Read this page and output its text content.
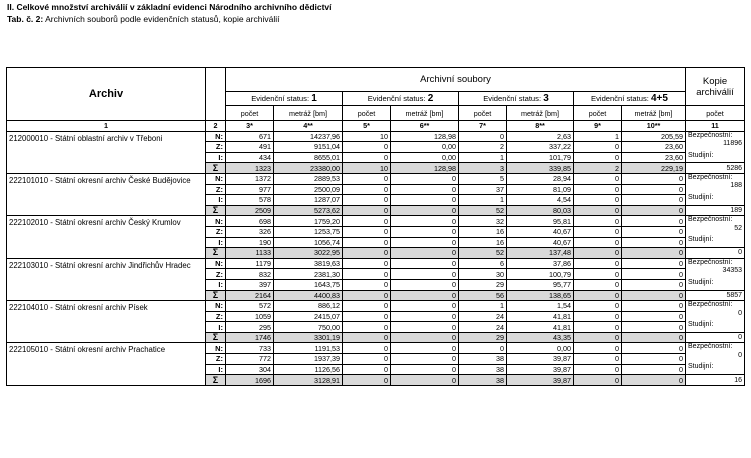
II. Celkové množství archiválií v základní evidenci Národního archivního dědictví
Tab. č. 2: Archivních souborů podle evidenčních statusů, kopie archiválií
Archiv		Archivní soubory								Kopie archiválií
		Evidenční status: 1		Evidenční status: 2		Evidenční status: 3		Evidenční status: 4+5		
		počet	metráž [bm]	počet	metráž [bm]	počet	metráž [bm]	počet	metráž [bm]	počet
1	2	3*	4**	5*	6**	7*	8**	9*	10**	11
212000010 - Státní oblastní archiv v Třeboni	N:	671	14237,96	10	128,98	0	2,63	1	205,59	Bezpečnostní:
11896
Studijní:

	Z:	491	9151,04	0	0,00	2	337,22	0	23,60	
	I:	434	8655,01	0	0,00	1	101,79	0	23,60	
	Σ	1323	23380,00	10	128,98	3	339,85	2	229,19	5286
222101010 - Státní okresní archiv České Budějovice	N:	1372	2889,53	0	0	5	28,94	0	0	Bezpečnostní:
188
Studijní:

	Z:	977	2500,09	0	0	37	81,09	0	0	
	I:	578	1287,07	0	0	1	4,54	0	0	
	Σ	2509	5273,62	0	0	52	80,03	0	0	189
222102010 - Státní okresní archiv Český Krumlov	N:	698	1759,20	0	0	32	95,81	0	0	Bezpečnostní:
52
Studijní:

	Z:	326	1253,75	0	0	16	40,67	0	0	
	I:	190	1056,74	0	0	16	40,67	0	0	
	Σ	1133	3022,95	0	0	52	137,48	0	0	0
222103010 - Státní okresní archiv Jindřichův Hradec	N:	1179	3819,63	0	0	6	37,86	0	0	Bezpečnostní:
34353
Studijní:

	Z:	832	2381,30	0	0	30	100,79	0	0	
	I:	397	1643,75	0	0	29	95,77	0	0	
	Σ	2164	4400,83	0	0	56	138,65	0	0	5857
222104010 - Státní okresní archiv Písek	N:	572	886,12	0	0	1	1,54	0	0	Bezpečnostní:
0
Studijní:

	Z:	1059	2415,07	0	0	24	41,81	0	0	
	I:	295	750,00	0	0	24	41,81	0	0	
	Σ	1746	3301,19	0	0	29	43,35	0	0	0
222105010 - Státní okresní archiv Prachatice	N:	733	1191,53	0	0	0	0,00	0	0	Bezpečnostní:
0
Studijní:

	Z:	772	1937,39	0	0	38	39,87	0	0	
	I:	304	1126,56	0	0	38	39,87	0	0	
	Σ	1696	3128,91	0	0	38	39,87	0	0	16
